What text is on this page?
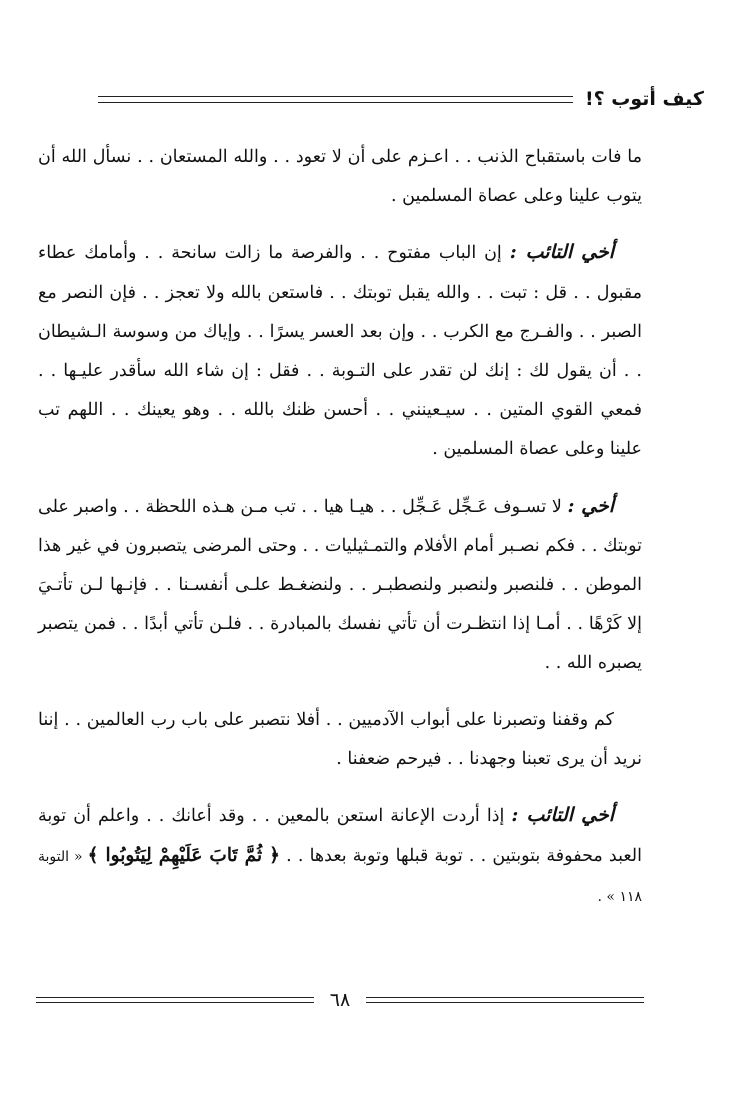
كيف أتوب ؟!

ما فات باستقباح الذنب . . اعـزم على أن لا تعود . . والله المستعان . . نسأل الله أن يتوب علينا وعلى عصاة المسلمين .

أخي التائب : إن الباب مفتوح . . والفرصة ما زالت سانحة . . وأمامك عطاء مقبول . . قل : تبت . . والله يقبل توبتك . . فاستعن بالله ولا تعجز . . فإن النصر مع الصبر . . والفـرج مع الكرب . . وإن بعد العسر يسرًا . . وإياك من وسوسة الـشيطان . . أن يقول لك : إنك لن تقدر على التـوبة . . فقل : إن شاء الله سأقدر عليـها . . فمعي القوي المتين . . سيـعينني . . أحسن ظنك بالله . . وهو يعينك . . اللهم تب علينا وعلى عصاة المسلمين .

أخي : لا تسـوف عَـجِّل عَـجِّل . . هيـا هيا . . تب مـن هـذه اللحظة . . واصبر على توبتك . . فكم نصـبر أمام الأفلام والتمـثيليات . . وحتى المرضى يتصبرون في غير هذا الموطن . . فلنصبر ولنصبر ولنصطبـر . . ولنضغـط علـى أنفسـنا . . فإنـها لـن تأتـيَ إلا كَرْهًا . . أمـا إذا انتظـرت أن تأتي نفسك بالمبادرة . . فلـن تأتي أبدًا . . فمن يتصبر يصبره الله . .

كم وقفنا وتصبرنا على أبواب الآدميين . . أفلا نتصبر على باب رب العالمين . . إننا نريد أن يرى تعبنا وجهدنا . . فيرحم ضعفنا .

أخي التائب : إذا أردت الإعانة استعن بالمعين . . وقد أعانك . . واعلم أن توبة العبد محفوفة بتوبتين . . توبة قبلها وتوبة بعدها . . ﴿ ثُمَّ تَابَ عَلَيْهِمْ لِيَتُوبُوا ﴾ « التوبة ١١٨ » .

٦٨
